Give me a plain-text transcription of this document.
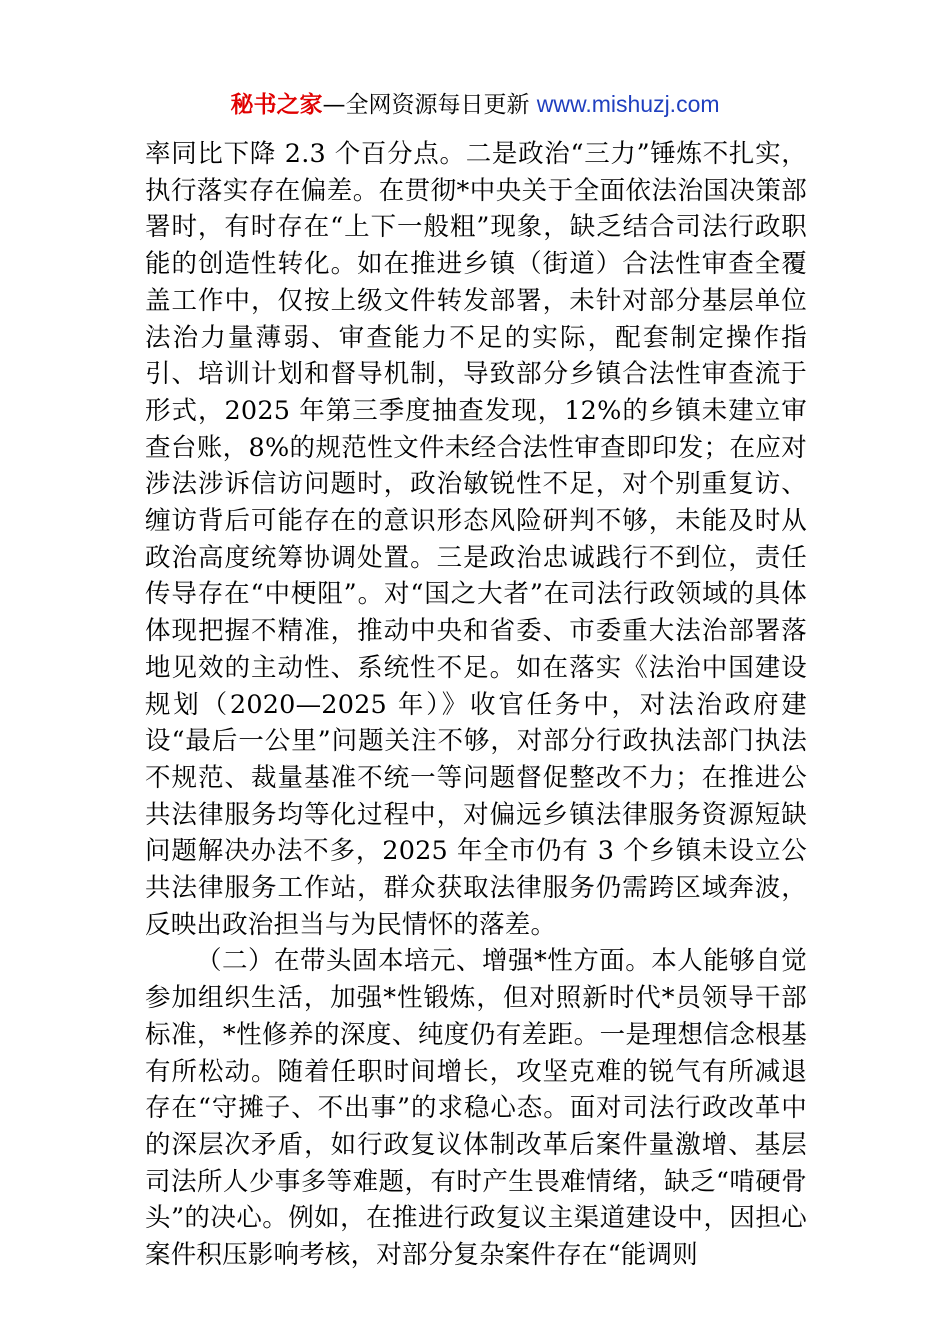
秘书之家—全网资源每日更新 www.mishuzj.com

率同比下降 2.3 个百分点。二是政治“三力”锤炼不扎实，执行落实存在偏差。在贯彻*中央关于全面依法治国决策部署时，有时存在“上下一般粗”现象，缺乏结合司法行政职能的创造性转化。如在推进乡镇（街道）合法性审查全覆盖工作中，仅按上级文件转发部署，未针对部分基层单位法治力量薄弱、审查能力不足的实际，配套制定操作指引、培训计划和督导机制，导致部分乡镇合法性审查流于形式，2025 年第三季度抽查发现，12%的乡镇未建立审查台账，8%的规范性文件未经合法性审查即印发；在应对涉法涉诉信访问题时，政治敏锐性不足，对个别重复访、缠访背后可能存在的意识形态风险研判不够，未能及时从政治高度统筹协调处置。三是政治忠诚践行不到位，责任传导存在“中梗阻”。对“国之大者”在司法行政领域的具体体现把握不精准，推动中央和省委、市委重大法治部署落地见效的主动性、系统性不足。如在落实《法治中国建设规划（2020—2025 年）》收官任务中，对法治政府建设“最后一公里”问题关注不够，对部分行政执法部门执法不规范、裁量基准不统一等问题督促整改不力；在推进公共法律服务均等化过程中，对偏远乡镇法律服务资源短缺问题解决办法不多，2025 年全市仍有 3 个乡镇未设立公共法律服务工作站，群众获取法律服务仍需跨区域奔波，反映出政治担当与为民情怀的落差。

（二）在带头固本培元、增强*性方面。本人能够自觉参加组织生活，加强*性锻炼，但对照新时代*员领导干部标准，*性修养的深度、纯度仍有差距。一是理想信念根基有所松动。随着任职时间增长，攻坚克难的锐气有所减退存在“守摊子、不出事”的求稳心态。面对司法行政改革中的深层次矛盾，如行政复议体制改革后案件量激增、基层司法所人少事多等难题，有时产生畏难情绪，缺乏“啃硬骨头”的决心。例如，在推进行政复议主渠道建设中，因担心案件积压影响考核，对部分复杂案件存在“能调则
